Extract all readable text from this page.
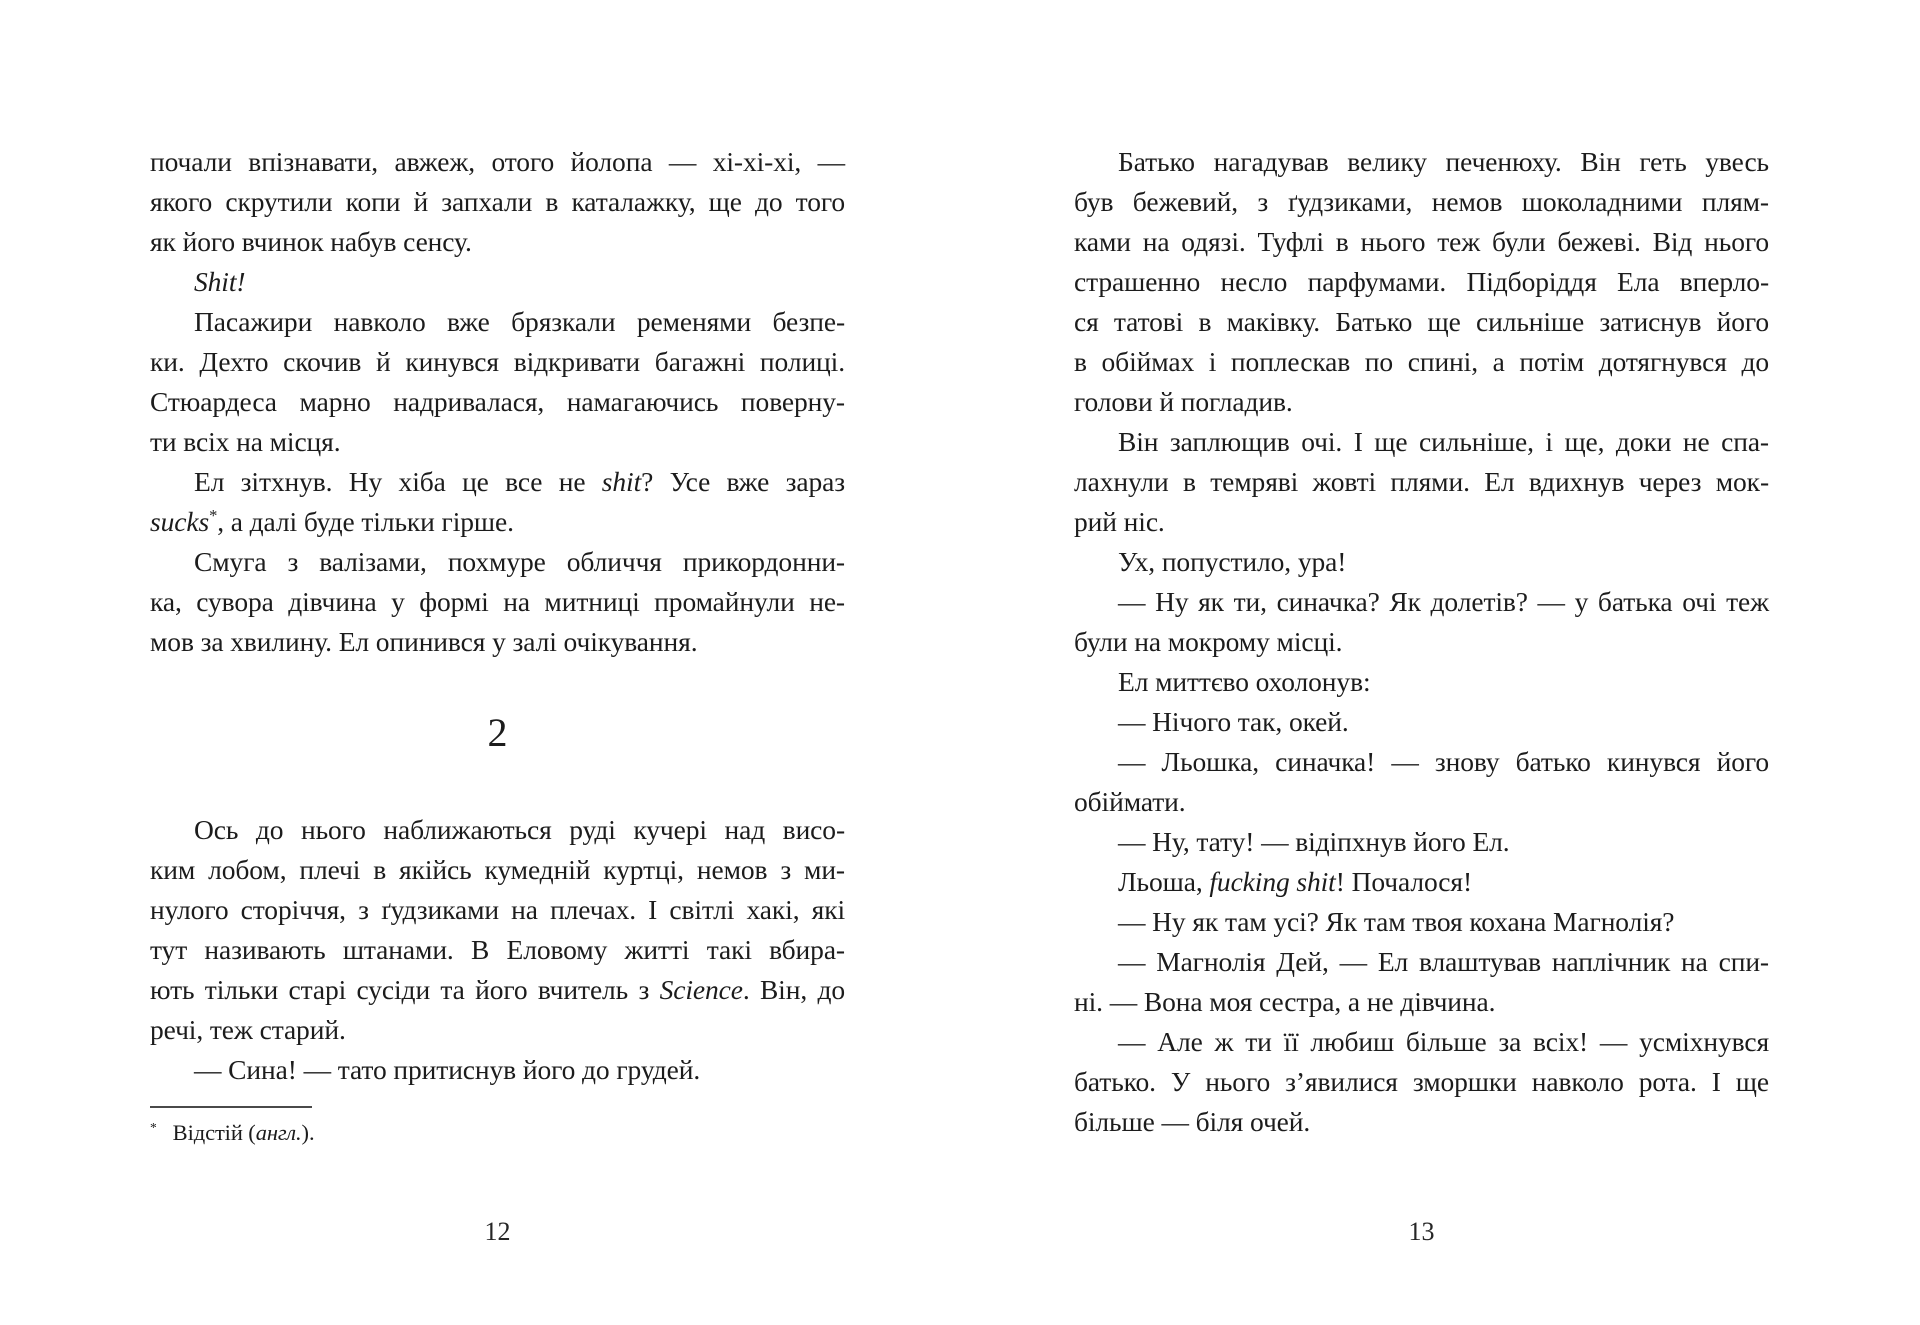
почали впізнавати, авжеж, отого йолопа — хі-хі-хі, —
якого скрутили копи й запхали в каталажку, ще до того
як його вчинок набув сенсу.
Shit!
Пасажири навколо вже брязкали ременями безпе-
ки. Дехто скочив й кинувся відкривати багажні полиці.
Стюардеса марно надривалася, намагаючись поверну-
ти всіх на місця.
Ел зітхнув. Ну хіба це все не shit? Усе вже зараз
sucks*, а далі буде тільки гірше.
Смуга з валізами, похмуре обличчя прикордонни-
ка, сувора дівчина у формі на митниці промайнули не-
мов за хвилину. Ел опинився у залі очікування.
2
Ось до нього наближаються руді кучері над висо-
ким лобом, плечі в якійсь кумедній куртці, немов з ми-
нулого сторіччя, з ґудзиками на плечах. І світлі хакі, які
тут називають штанами. В Еловому житті такі вбира-
ють тільки старі сусіди та його вчитель з Science. Він, до
речі, теж старий.
— Сина! — тато притиснув його до грудей.
* Відстій (англ.).
Батько нагадував велику печенюху. Він геть увесь
був бежевий, з ґудзиками, немов шоколадними плям-
ками на одязі. Туфлі в нього теж були бежеві. Від нього
страшенно несло парфумами. Підборіддя Ела вперло-
ся татові в маківку. Батько ще сильніше затиснув його
в обіймах і поплескав по спині, а потім дотягнувся до
голови й погладив.
Він заплющив очі. І ще сильніше, і ще, доки не спа-
лахнули в темряві жовті плями. Ел вдихнув через мок-
рий ніс.
Ух, попустило, ура!
— Ну як ти, синачка? Як долетів? — у батька очі теж
були на мокрому місці.
Ел миттєво охолонув:
— Нічого так, окей.
— Льошка, синачка! — знову батько кинувся його
обіймати.
— Ну, тату! — відіпхнув його Ел.
Льоша, fucking shit! Почалося!
— Ну як там усі? Як там твоя кохана Магнолія?
— Магнолія Дей, — Ел влаштував наплічник на спи-
ні. — Вона моя сестра, а не дівчина.
— Але ж ти її любиш більше за всіх! — усміхнувся
батько. У нього з’явилися зморшки навколо рота. І ще
більше — біля очей.
12	13
